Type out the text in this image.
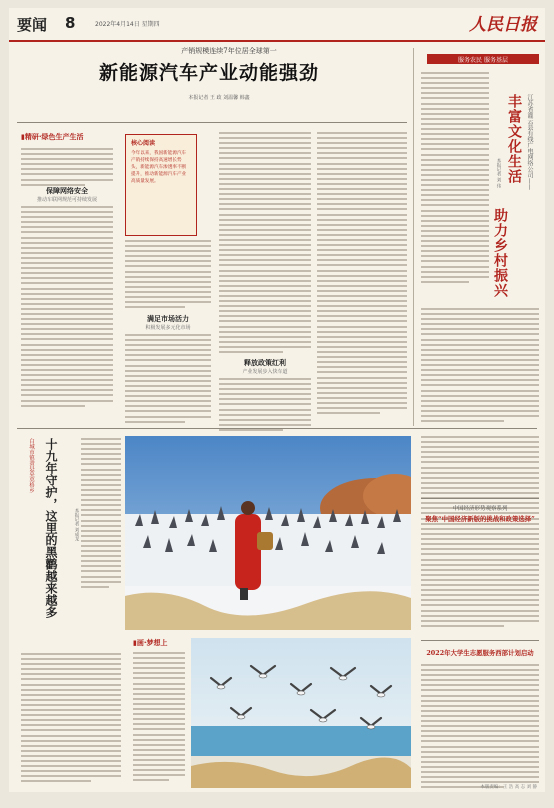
要闻 8	2022年4月14日 星期四	人民日报
产销规模连续7年位居全球第一
新能源汽车产业动能强劲
本报记者 王 政 刘温馨 韩鑫
▮精研·绿色生产生活
保障网络安全
推动车联网规范可持续发展
核心阅读
今年以来，我国新能源汽车产销持续保持高速增长势头，新能源汽车渗透率不断提升，推动新能源汽车产业高质量发展。
满足市场活力
积极发展多元化市场
释放政策红利
产业发展步入快车道
服务农民 服务基层
江苏省灌云县有线广电网络公司——
丰富文化生活
助力乡村振兴
本报记者 刘 伟
白城市镇赉县莫莫格乡 十九年守护，这里的黑鹳越来越多	本报记者 刘成龙
▮画·梦想上
中国经济形势观察系列
聚焦“中国经济新版的挑战和政策选择”
2022年大学生志愿服务西部计划启动
本版责编：王 浩 高 志 刘 静
